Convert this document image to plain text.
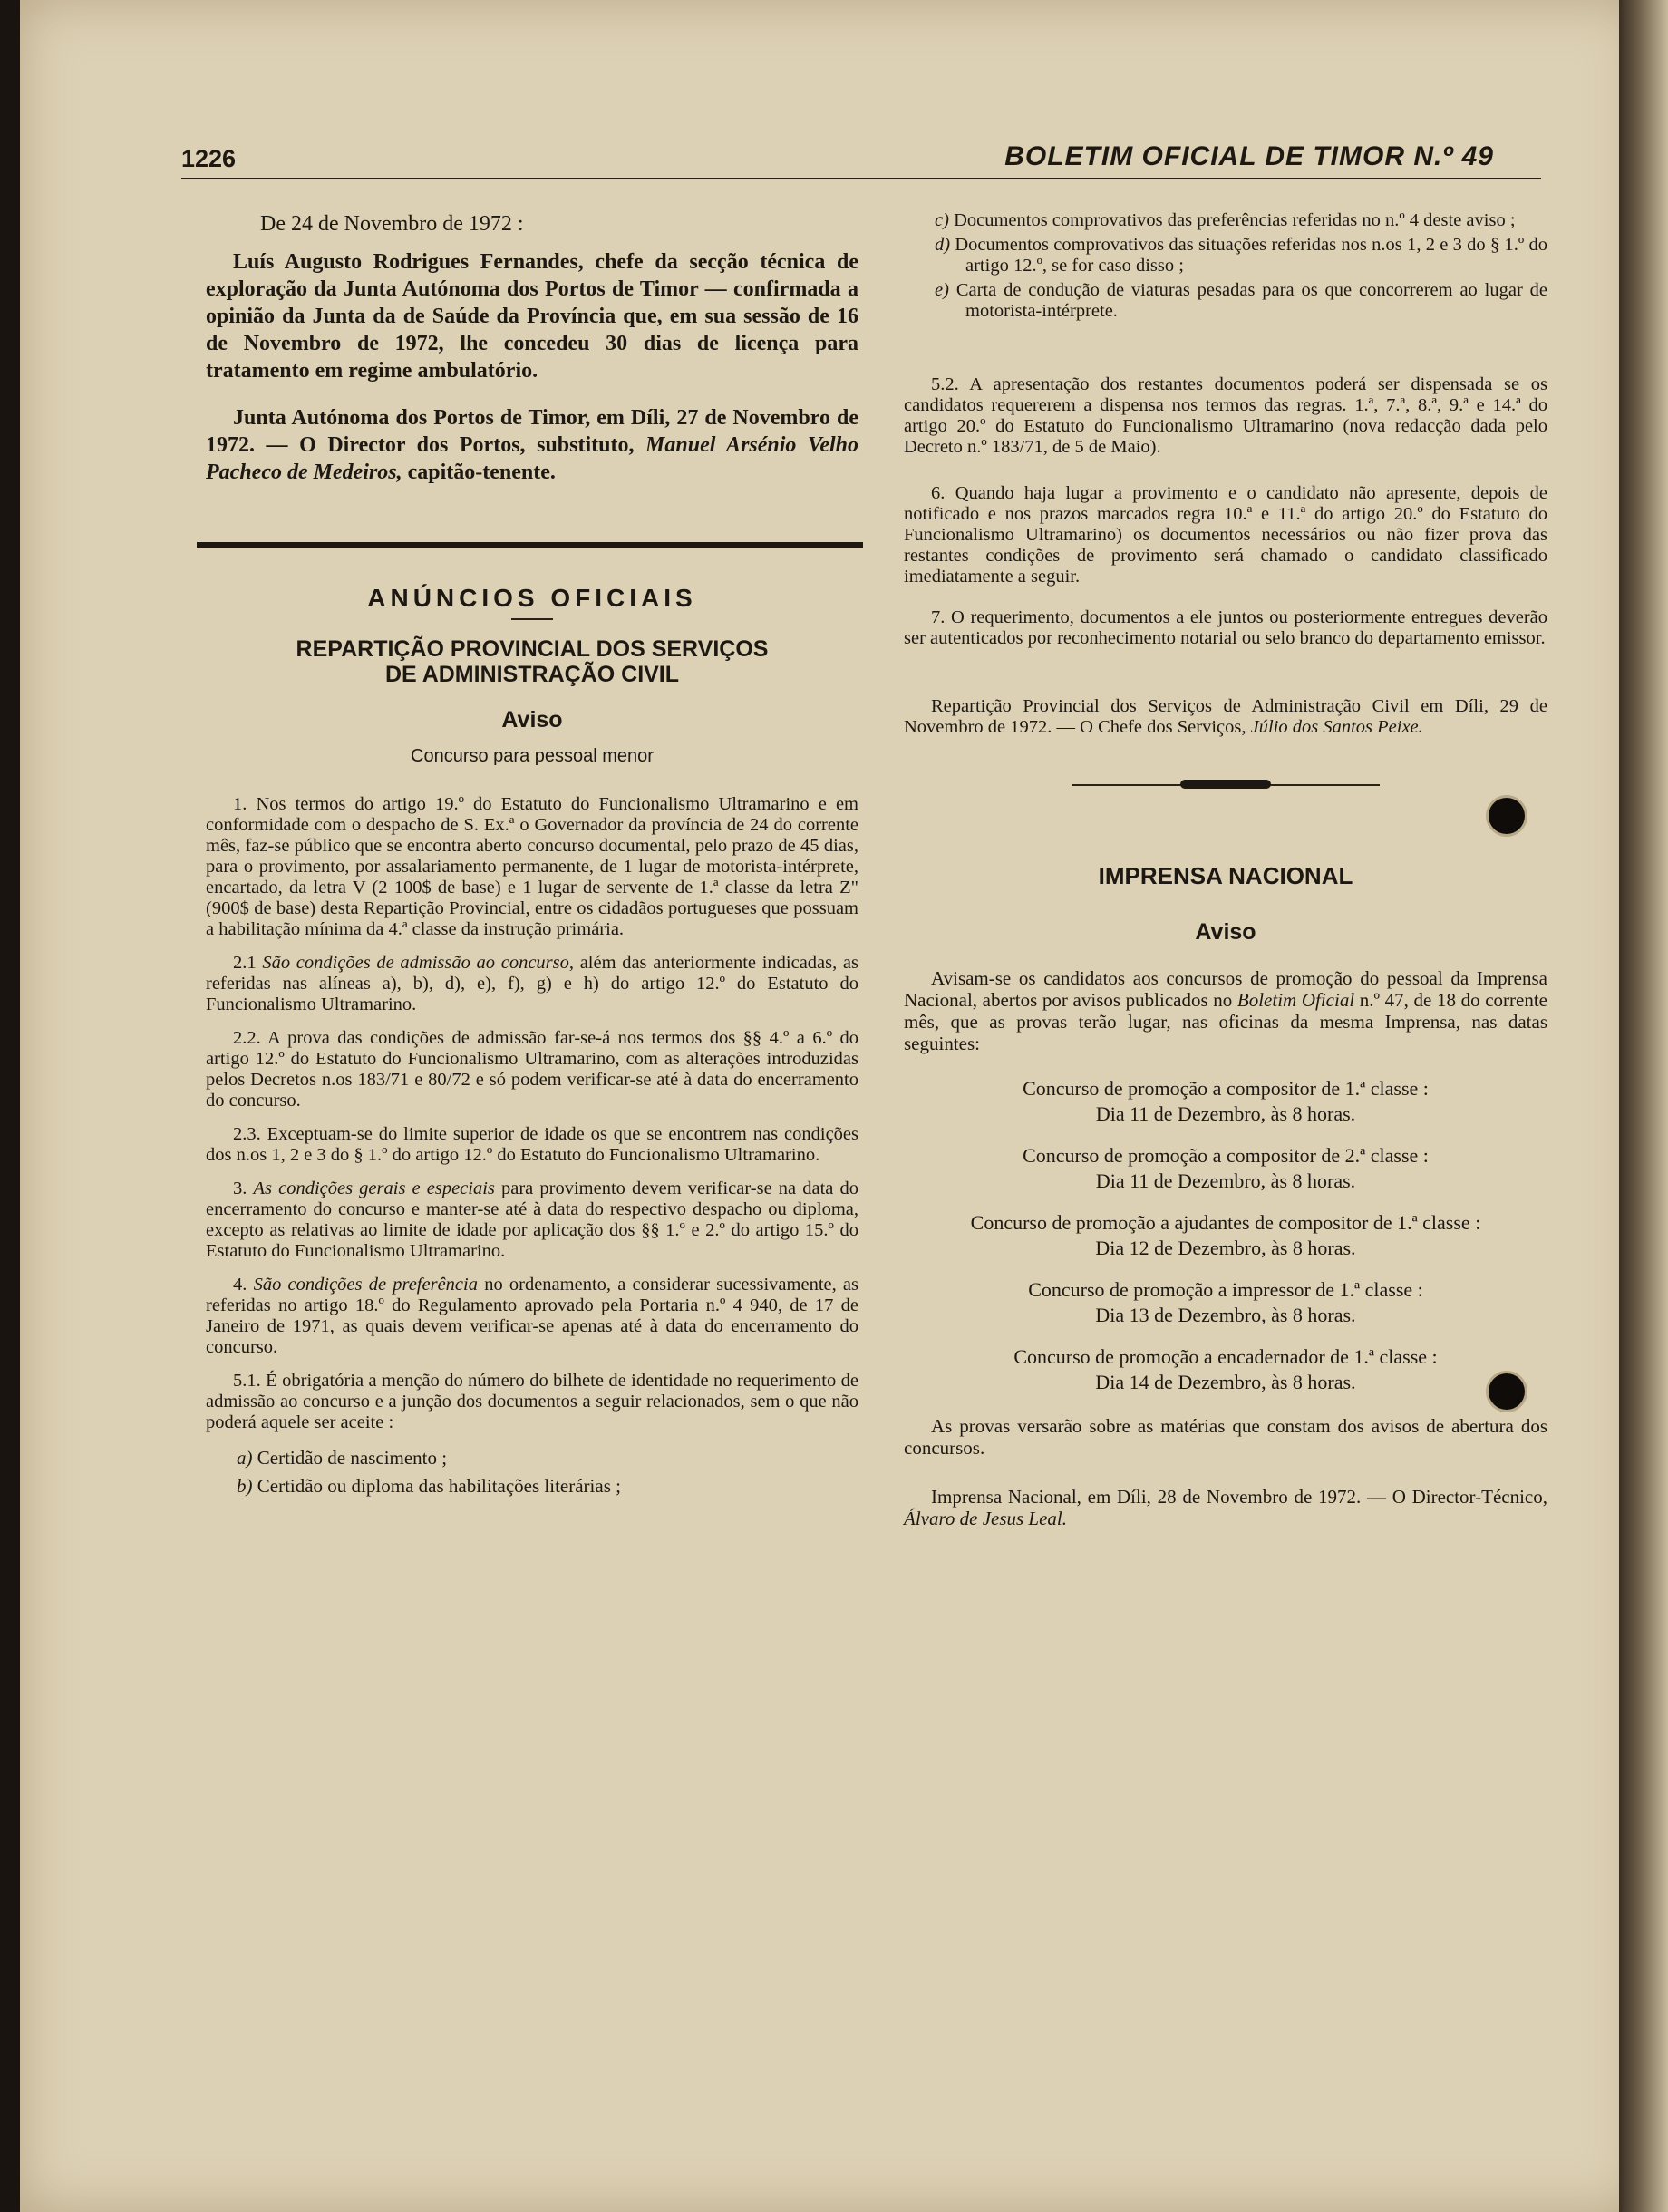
1226	BOLETIM OFICIAL DE TIMOR N.º 49

De 24 de Novembro de 1972 :

Luís Augusto Rodrigues Fernandes, chefe da secção técnica de exploração da Junta Autónoma dos Portos de Timor — confirmada a opinião da Junta da de Saúde da Província que, em sua sessão de 16 de Novembro de 1972, lhe concedeu 30 dias de licença para tratamento em regime ambulatório.

Junta Autónoma dos Portos de Timor, em Díli, 27 de Novembro de 1972. — O Director dos Portos, substituto, Manuel Arsénio Velho Pacheco de Medeiros, capitão-tenente.

ANÚNCIOS OFICIAIS
REPARTIÇÃO PROVINCIAL DOS SERVIÇOS
DE ADMINISTRAÇÃO CIVIL
Aviso
Concurso para pessoal menor

1. Nos termos do artigo 19.º do Estatuto do Funcionalismo Ultramarino e em conformidade com o despacho de S. Ex.ª o Governador da província de 24 do corrente mês, faz-se público que se encontra aberto concurso documental, pelo prazo de 45 dias, para o provimento, por assalariamento permanente, de 1 lugar de motorista-intérprete, encartado, da letra V (2 100$ de base) e 1 lugar de servente de 1.ª classe da letra Z" (900$ de base) desta Repartição Provincial, entre os cidadãos portugueses que possuam a habilitação mínima da 4.ª classe da instrução primária.

2.1 São condições de admissão ao concurso, além das anteriormente indicadas, as referidas nas alíneas a), b), d), e), f), g) e h) do artigo 12.º do Estatuto do Funcionalismo Ultramarino.

2.2. A prova das condições de admissão far-se-á nos termos dos §§ 4.º a 6.º do artigo 12.º do Estatuto do Funcionalismo Ultramarino, com as alterações introduzidas pelos Decretos n.os 183/71 e 80/72 e só podem verificar-se até à data do encerramento do concurso.

2.3. Exceptuam-se do limite superior de idade os que se encontrem nas condições dos n.os 1, 2 e 3 do § 1.º do artigo 12.º do Estatuto do Funcionalismo Ultramarino.

3. As condições gerais e especiais para provimento devem verificar-se na data do encerramento do concurso e manter-se até à data do respectivo despacho ou diploma, excepto as relativas ao limite de idade por aplicação dos §§ 1.º e 2.º do artigo 15.º do Estatuto do Funcionalismo Ultramarino.

4. São condições de preferência no ordenamento, a considerar sucessivamente, as referidas no artigo 18.º do Regulamento aprovado pela Portaria n.º 4 940, de 17 de Janeiro de 1971, as quais devem verificar-se apenas até à data do encerramento do concurso.

5.1. É obrigatória a menção do número do bilhete de identidade no requerimento de admissão ao concurso e a junção dos documentos a seguir relacionados, sem o que não poderá aquele ser aceite :

a) Certidão de nascimento ;

b) Certidão ou diploma das habilitações literárias ;

c) Documentos comprovativos das preferências referidas no n.º 4 deste aviso ;

d) Documentos comprovativos das situações referidas nos n.os 1, 2 e 3 do § 1.º do artigo 12.º, se for caso disso ;

e) Carta de condução de viaturas pesadas para os que concorrerem ao lugar de motorista-intérprete.

5.2. A apresentação dos restantes documentos poderá ser dispensada se os candidatos requererem a dispensa nos termos das regras. 1.ª, 7.ª, 8.ª, 9.ª e 14.ª do artigo 20.º do Estatuto do Funcionalismo Ultramarino (nova redacção dada pelo Decreto n.º 183/71, de 5 de Maio).

6. Quando haja lugar a provimento e o candidato não apresente, depois de notificado e nos prazos marcados regra 10.ª e 11.ª do artigo 20.º do Estatuto do Funcionalismo Ultramarino) os documentos necessários ou não fizer prova das restantes condições de provimento será chamado o candidato classificado imediatamente a seguir.

7. O requerimento, documentos a ele juntos ou posteriormente entregues deverão ser autenticados por reconhecimento notarial ou selo branco do departamento emissor.

Repartição Provincial dos Serviços de Administração Civil em Díli, 29 de Novembro de 1972. — O Chefe dos Serviços, Júlio dos Santos Peixe.

IMPRENSA NACIONAL
Aviso

Avisam-se os candidatos aos concursos de promoção do pessoal da Imprensa Nacional, abertos por avisos publicados no Boletim Oficial n.º 47, de 18 do corrente mês, que as provas terão lugar, nas oficinas da mesma Imprensa, nas datas seguintes:

Concurso de promoção a compositor de 1.ª classe :
Dia 11 de Dezembro, às 8 horas.
Concurso de promoção a compositor de 2.ª classe :
Dia 11 de Dezembro, às 8 horas.
Concurso de promoção a ajudantes de compositor de 1.ª classe :
Dia 12 de Dezembro, às 8 horas.
Concurso de promoção a impressor de 1.ª classe :
Dia 13 de Dezembro, às 8 horas.
Concurso de promoção a encadernador de 1.ª classe :
Dia 14 de Dezembro, às 8 horas.

As provas versarão sobre as matérias que constam dos avisos de abertura dos concursos.

Imprensa Nacional, em Díli, 28 de Novembro de 1972. — O Director-Técnico, Álvaro de Jesus Leal.
